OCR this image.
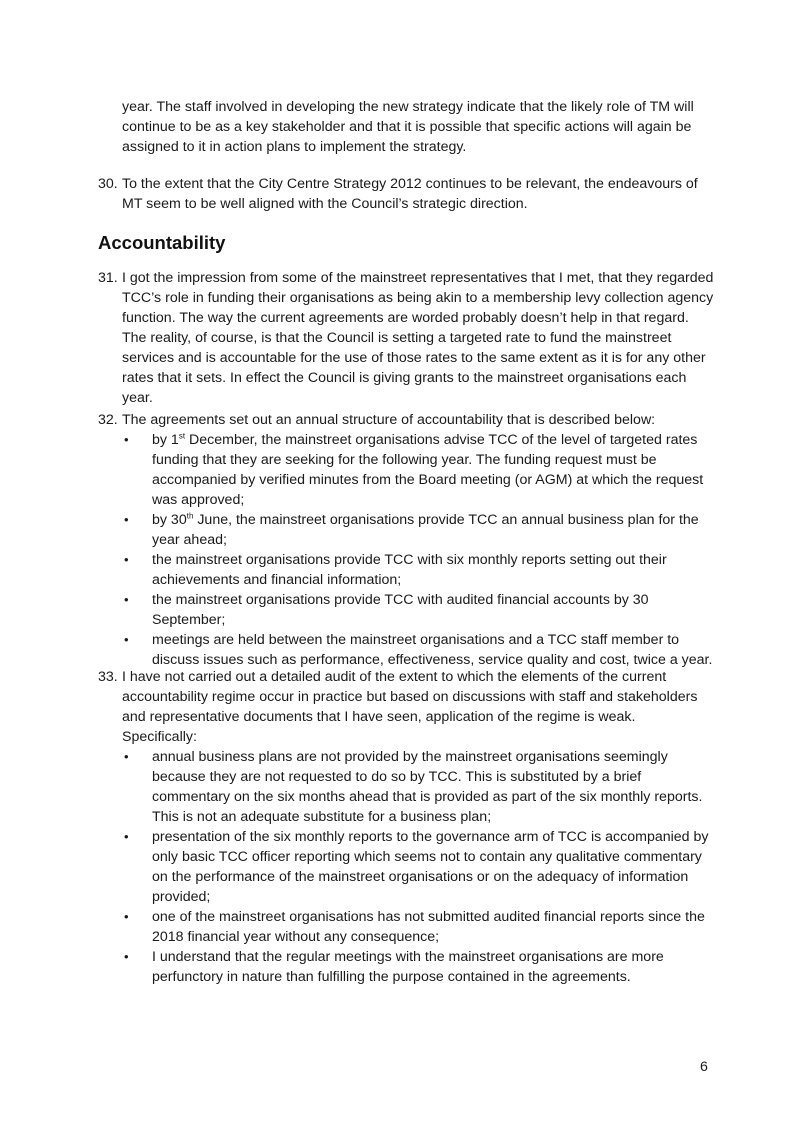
year. The staff involved in developing the new strategy indicate that the likely role of TM will continue to be as a key stakeholder and that it is possible that specific actions will again be assigned to it in action plans to implement the strategy.
30. To the extent that the City Centre Strategy 2012 continues to be relevant, the endeavours of MT seem to be well aligned with the Council’s strategic direction.
Accountability
31. I got the impression from some of the mainstreet representatives that I met, that they regarded TCC’s role in funding their organisations as being akin to a membership levy collection agency function. The way the current agreements are worded probably doesn’t help in that regard. The reality, of course, is that the Council is setting a targeted rate to fund the mainstreet services and is accountable for the use of those rates to the same extent as it is for any other rates that it sets. In effect the Council is giving grants to the mainstreet organisations each year.
32. The agreements set out an annual structure of accountability that is described below:
• by 1st December, the mainstreet organisations advise TCC of the level of targeted rates funding that they are seeking for the following year. The funding request must be accompanied by verified minutes from the Board meeting (or AGM) at which the request was approved;
• by 30th June, the mainstreet organisations provide TCC an annual business plan for the year ahead;
• the mainstreet organisations provide TCC with six monthly reports setting out their achievements and financial information;
• the mainstreet organisations provide TCC with audited financial accounts by 30 September;
• meetings are held between the mainstreet organisations and a TCC staff member to discuss issues such as performance, effectiveness, service quality and cost, twice a year.
33. I have not carried out a detailed audit of the extent to which the elements of the current accountability regime occur in practice but based on discussions with staff and stakeholders and representative documents that I have seen, application of the regime is weak. Specifically:
• annual business plans are not provided by the mainstreet organisations seemingly because they are not requested to do so by TCC. This is substituted by a brief commentary on the six months ahead that is provided as part of the six monthly reports. This is not an adequate substitute for a business plan;
• presentation of the six monthly reports to the governance arm of TCC is accompanied by only basic TCC officer reporting which seems not to contain any qualitative commentary on the performance of the mainstreet organisations or on the adequacy of information provided;
• one of the mainstreet organisations has not submitted audited financial reports since the 2018 financial year without any consequence;
• I understand that the regular meetings with the mainstreet organisations are more perfunctory in nature than fulfilling the purpose contained in the agreements.
6
